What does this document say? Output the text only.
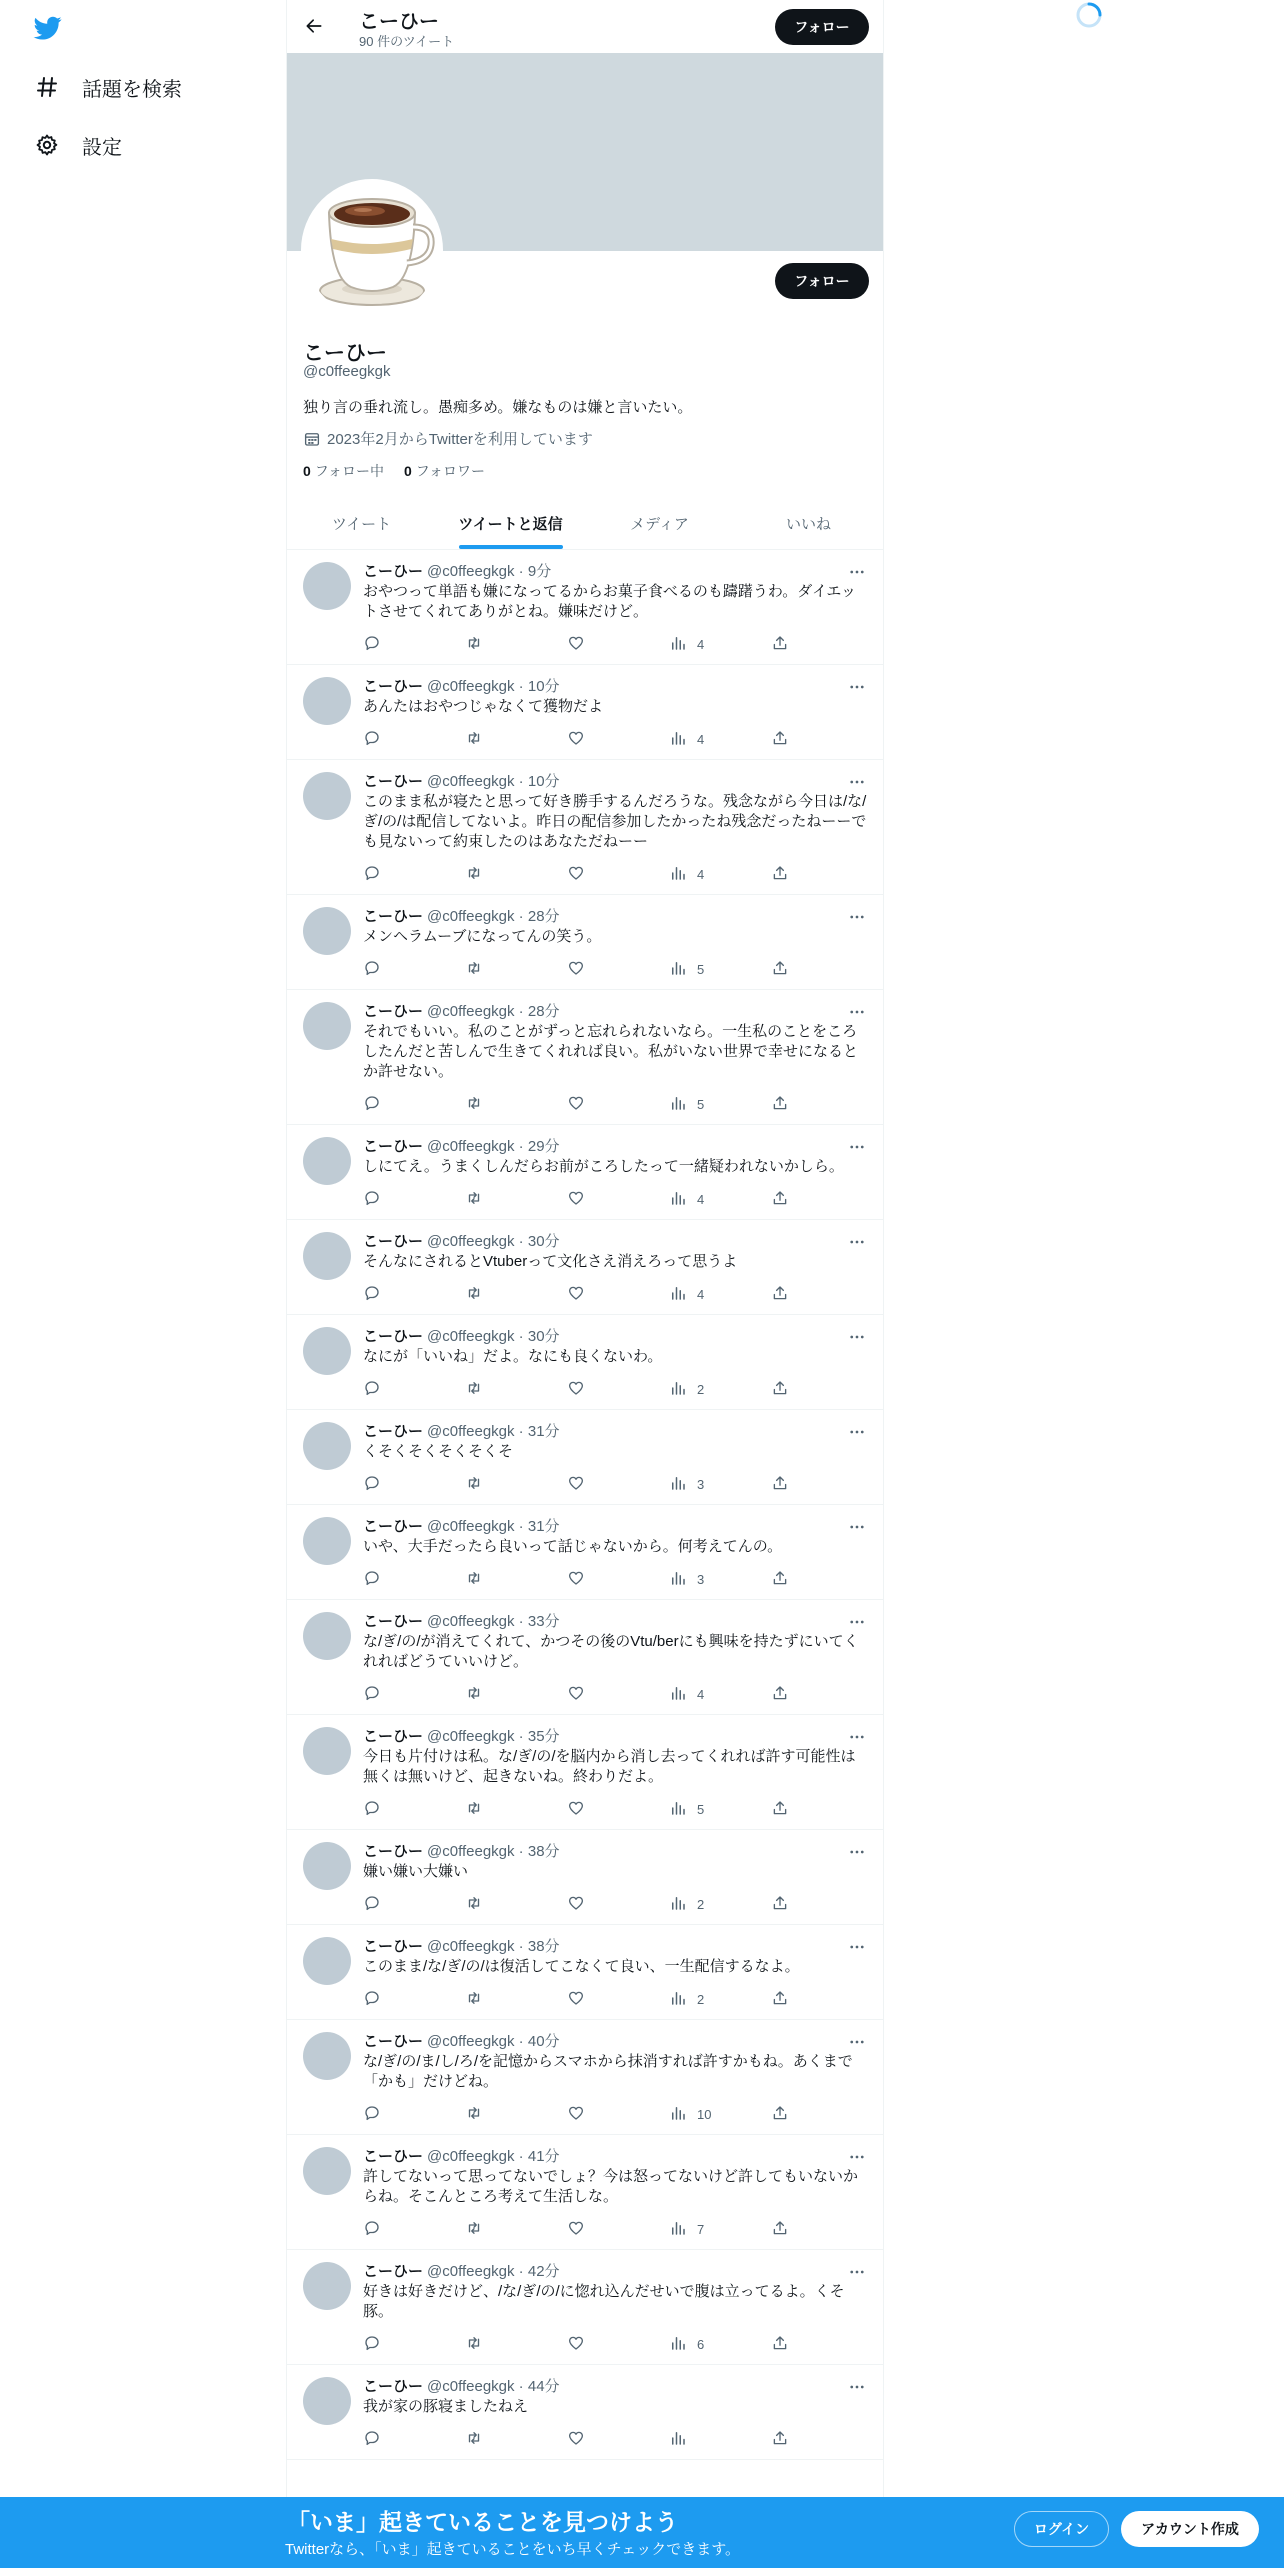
話題を検索
設定
こーひー
90 件のツイート
フォロー
フォロー
こーひー
@c0ffeegkgk
独り言の垂れ流し。愚痴多め。嫌なものは嫌と言いたい。
2023年2月からTwitterを利用しています
0 フォロー中 0 フォロワー
ツイート	ツイートと返信	メディア	いいね
こーひー @c0ffeegkgk · 9分
おやつって単語も嫌になってるからお菓子食べるのも躊躇うわ。ダイエッ
トさせてくれてありがとね。嫌味だけど。
4
こーひー @c0ffeegkgk · 10分
あんたはおやつじゃなくて獲物だよ
4
こーひー @c0ffeegkgk · 10分
このまま私が寝たと思って好き勝手するんだろうな。残念ながら今日は/な/
ぎ/の/は配信してないよ。昨日の配信参加したかったね残念だったねーーで
も見ないって約束したのはあなただねーー
4
こーひー @c0ffeegkgk · 28分
メンヘラムーブになってんの笑う。
5
こーひー @c0ffeegkgk · 28分
それでもいい。私のことがずっと忘れられないなら。一生私のことをころ
したんだと苦しんで生きてくれれば良い。私がいない世界で幸せになると
か許せない。
5
こーひー @c0ffeegkgk · 29分
しにてえ。うまくしんだらお前がころしたって一緒疑われないかしら。
4
こーひー @c0ffeegkgk · 30分
そんなにされるとVtuberって文化さえ消えろって思うよ
4
こーひー @c0ffeegkgk · 30分
なにが「いいね」だよ。なにも良くないわ。
2
こーひー @c0ffeegkgk · 31分
くそくそくそくそくそ
3
こーひー @c0ffeegkgk · 31分
いや、大手だったら良いって話じゃないから。何考えてんの。
3
こーひー @c0ffeegkgk · 33分
な/ぎ/の/が消えてくれて、かつその後のVtu/berにも興味を持たずにいてく
れればどうていいけど。
4
こーひー @c0ffeegkgk · 35分
今日も片付けは私。な/ぎ/の/を脳内から消し去ってくれれば許す可能性は
無くは無いけど、起きないね。終わりだよ。
5
こーひー @c0ffeegkgk · 38分
嫌い嫌い大嫌い
2
こーひー @c0ffeegkgk · 38分
このまま/な/ぎ/の/は復活してこなくて良い、一生配信するなよ。
2
こーひー @c0ffeegkgk · 40分
な/ぎ/の/ま/し/ろ/を記憶からスマホから抹消すれば許すかもね。あくまで
「かも」だけどね。
10
こーひー @c0ffeegkgk · 41分
許してないって思ってないでしょ？今は怒ってないけど許してもいないか
らね。そこんところ考えて生活しな。
7
こーひー @c0ffeegkgk · 42分
好きは好きだけど、/な/ぎ/の/に惚れ込んだせいで腹は立ってるよ。くそ
豚。
6
こーひー @c0ffeegkgk · 44分
我が家の豚寝ましたねえ
「いま」起きていることを見つけよう
Twitterなら、「いま」起きていることをいち早くチェックできます。
ログイン	アカウント作成
